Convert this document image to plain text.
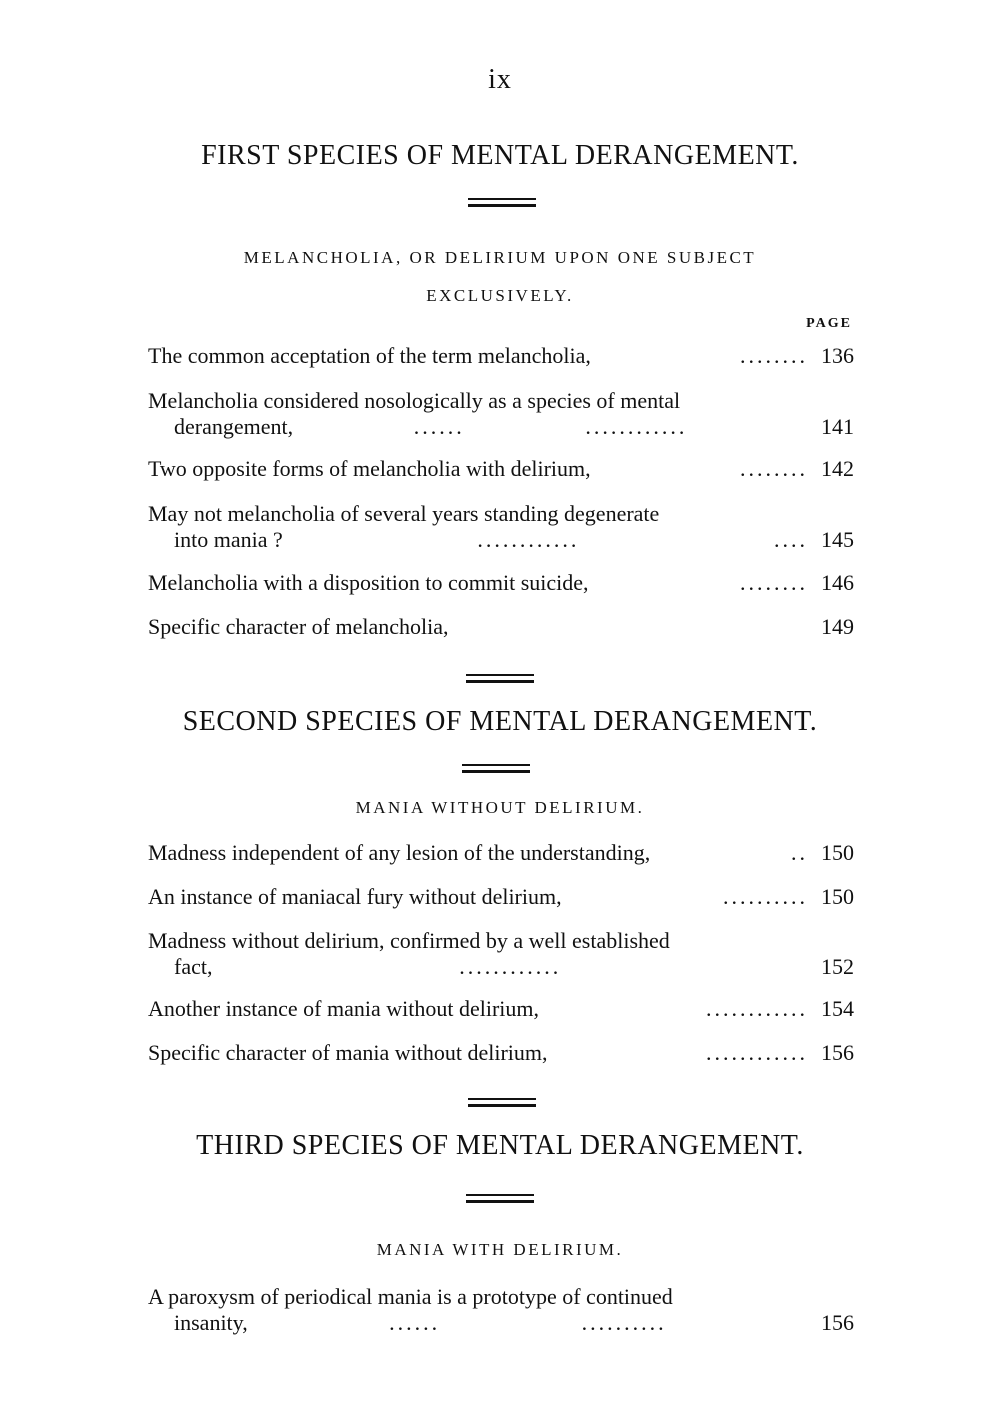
ix
FIRST SPECIES OF MENTAL DERANGEMENT.
MELANCHOLIA, OR DELIRIUM UPON ONE SUBJECT
EXCLUSIVELY.
PAGE
The common acceptation of the term melancholia,	........ 136
Melancholia considered nosologically as a species of mental
derangement,	......	............	141
Two opposite forms of melancholia with delirium,	........ 142
May not melancholia of several years standing degenerate
into mania ?	............	.... 145
Melancholia with a disposition to commit suicide,	........ 146
Specific character of melancholia,	149
SECOND SPECIES OF MENTAL DERANGEMENT.
MANIA WITHOUT DELIRIUM.
Madness independent of any lesion of the understanding,	.. 150
An instance of maniacal fury without delirium,	.......... 150
Madness without delirium, confirmed by a well established
fact,	............	152
Another instance of mania without delirium,	............ 154
Specific character of mania without delirium,	............ 156
THIRD SPECIES OF MENTAL DERANGEMENT.
MANIA WITH DELIRIUM.
A paroxysm of periodical mania is a prototype of continued
insanity,	......	..........	156
